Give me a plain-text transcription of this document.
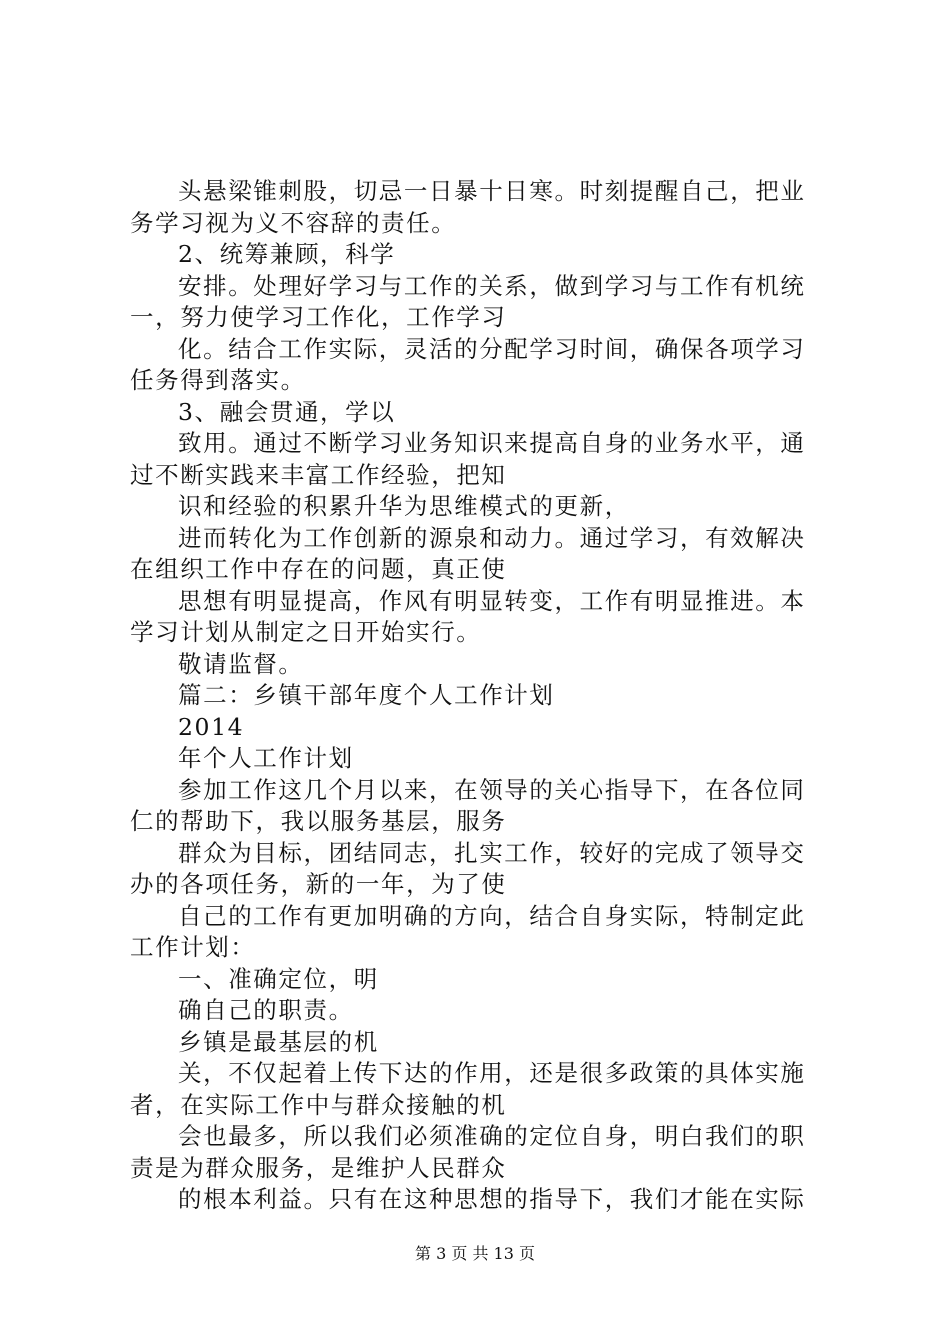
头悬梁锥刺股，切忌一日暴十日寒。时刻提醒自己，把业
务学习视为义不容辞的责任。
2、统筹兼顾，科学
安排。处理好学习与工作的关系，做到学习与工作有机统
一，努力使学习工作化，工作学习
化。结合工作实际，灵活的分配学习时间，确保各项学习
任务得到落实。
3、融会贯通，学以
致用。通过不断学习业务知识来提高自身的业务水平，通
过不断实践来丰富工作经验，把知
识和经验的积累升华为思维模式的更新，
进而转化为工作创新的源泉和动力。通过学习，有效解决
在组织工作中存在的问题，真正使
思想有明显提高，作风有明显转变，工作有明显推进。本
学习计划从制定之日开始实行。
敬请监督。
篇二：乡镇干部年度个人工作计划
2014
年个人工作计划
参加工作这几个月以来，在领导的关心指导下，在各位同
仁的帮助下，我以服务基层，服务
群众为目标，团结同志，扎实工作，较好的完成了领导交
办的各项任务，新的一年，为了使
自己的工作有更加明确的方向，结合自身实际，特制定此
工作计划：
一、准确定位，明
确自己的职责。
乡镇是最基层的机
关，不仅起着上传下达的作用，还是很多政策的具体实施
者，在实际工作中与群众接触的机
会也最多，所以我们必须准确的定位自身，明白我们的职
责是为群众服务，是维护人民群众
的根本利益。只有在这种思想的指导下，我们才能在实际
第 3 页 共 13 页
